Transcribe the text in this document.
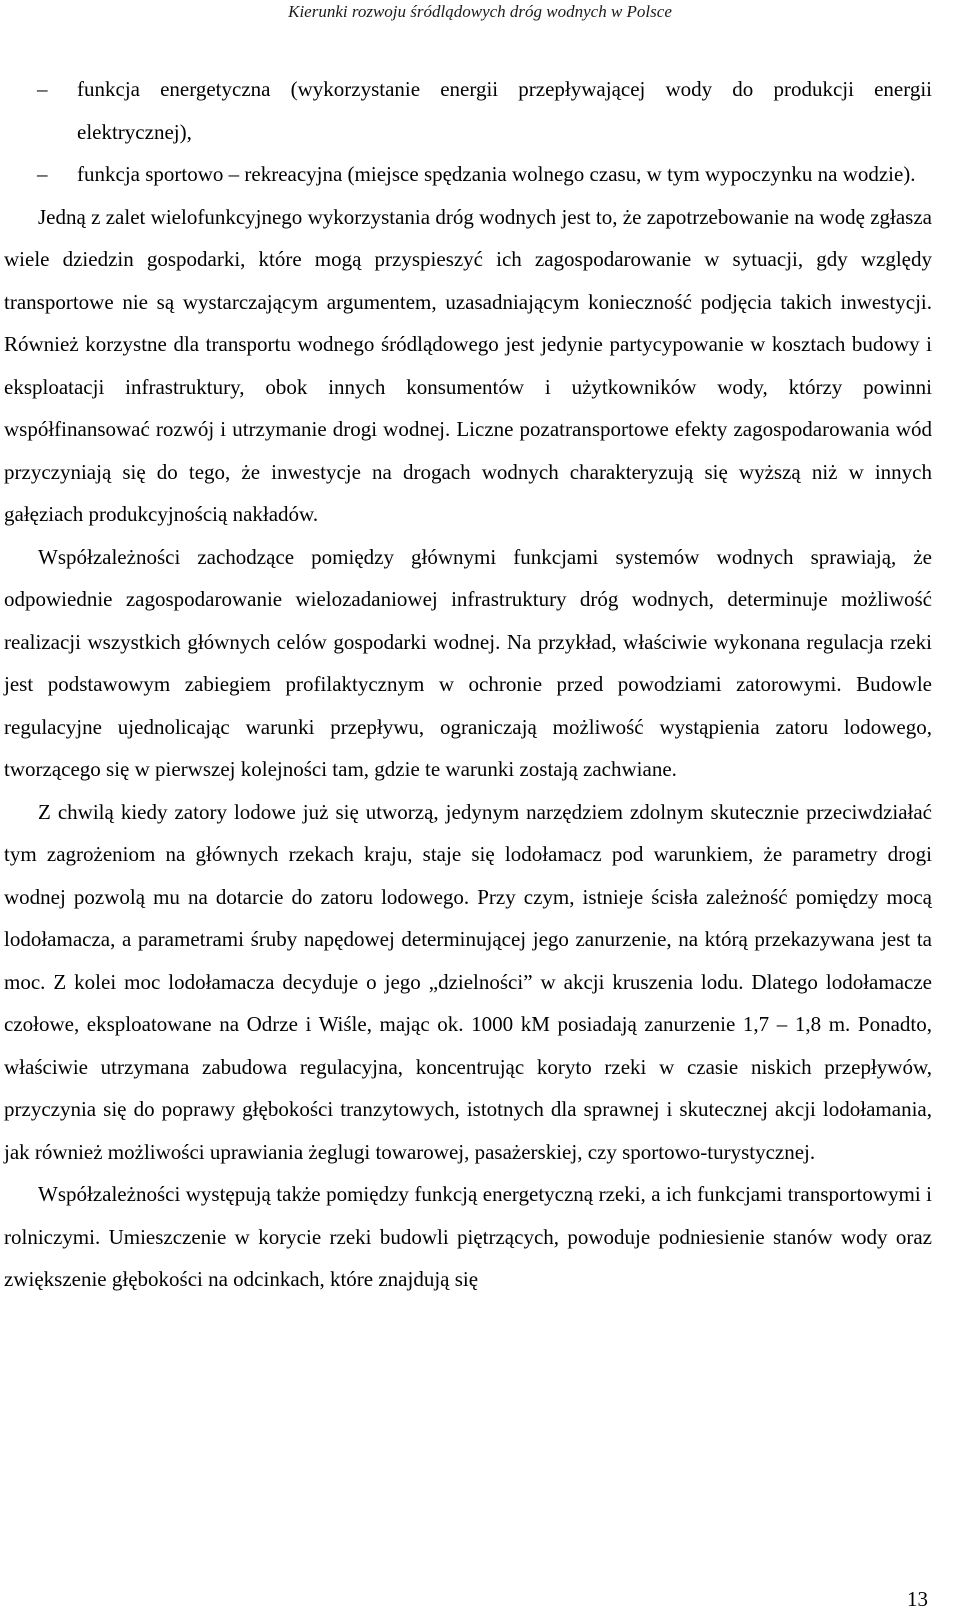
Kierunki rozwoju śródlądowych dróg wodnych w Polsce
– funkcja energetyczna (wykorzystanie energii przepływającej wody do produkcji energii elektrycznej),
– funkcja sportowo – rekreacyjna (miejsce spędzania wolnego czasu, w tym wypoczynku na wodzie).

Jedną z zalet wielofunkcyjnego wykorzystania dróg wodnych jest to, że zapotrzebowanie na wodę zgłasza wiele dziedzin gospodarki, które mogą przyspieszyć ich zagospodarowanie w sytuacji, gdy względy transportowe nie są wystarczającym argumentem, uzasadniającym konieczność podjęcia takich inwestycji. Również korzystne dla transportu wodnego śródlądowego jest jedynie partycypowanie w kosztach budowy i eksploatacji infrastruktury, obok innych konsumentów i użytkowników wody, którzy powinni współfinansować rozwój i utrzymanie drogi wodnej. Liczne pozatransportowe efekty zagospodarowania wód przyczyniają się do tego, że inwestycje na drogach wodnych charakteryzują się wyższą niż w innych gałęziach produkcyjnością nakładów.

Współzależności zachodzące pomiędzy głównymi funkcjami systemów wodnych sprawiają, że odpowiednie zagospodarowanie wielozadaniowej infrastruktury dróg wodnych, determinuje możliwość realizacji wszystkich głównych celów gospodarki wodnej. Na przykład, właściwie wykonana regulacja rzeki jest podstawowym zabiegiem profilaktycznym w ochronie przed powodziami zatorowymi. Budowle regulacyjne ujednolicając warunki przepływu, ograniczają możliwość wystąpienia zatoru lodowego, tworzącego się w pierwszej kolejności tam, gdzie te warunki zostają zachwiane.

Z chwilą kiedy zatory lodowe już się utworzą, jedynym narzędziem zdolnym skutecznie przeciwdziałać tym zagrożeniom na głównych rzekach kraju, staje się lodołamacz pod warunkiem, że parametry drogi wodnej pozwolą mu na dotarcie do zatoru lodowego. Przy czym, istnieje ścisła zależność pomiędzy mocą lodołamacza, a parametrami śruby napędowej determinującej jego zanurzenie, na którą przekazywana jest ta moc. Z kolei moc lodołamacza decyduje o jego „dzielności” w akcji kruszenia lodu. Dlatego lodołamacze czołowe, eksploatowane na Odrze i Wiśle, mając ok. 1000 kM posiadają zanurzenie 1,7 – 1,8 m. Ponadto, właściwie utrzymana zabudowa regulacyjna, koncentrując koryto rzeki w czasie niskich przepływów, przyczynia się do poprawy głębokości tranzytowych, istotnych dla sprawnej i skutecznej akcji lodołamania, jak również możliwości uprawiania żeglugi towarowej, pasażerskiej, czy sportowo-turystycznej.

Współzależności występują także pomiędzy funkcją energetyczną rzeki, a ich funkcjami transportowymi i rolniczymi. Umieszczenie w korycie rzeki budowli piętrzących, powoduje podniesienie stanów wody oraz zwiększenie głębokości na odcinkach, które znajdują się

13
